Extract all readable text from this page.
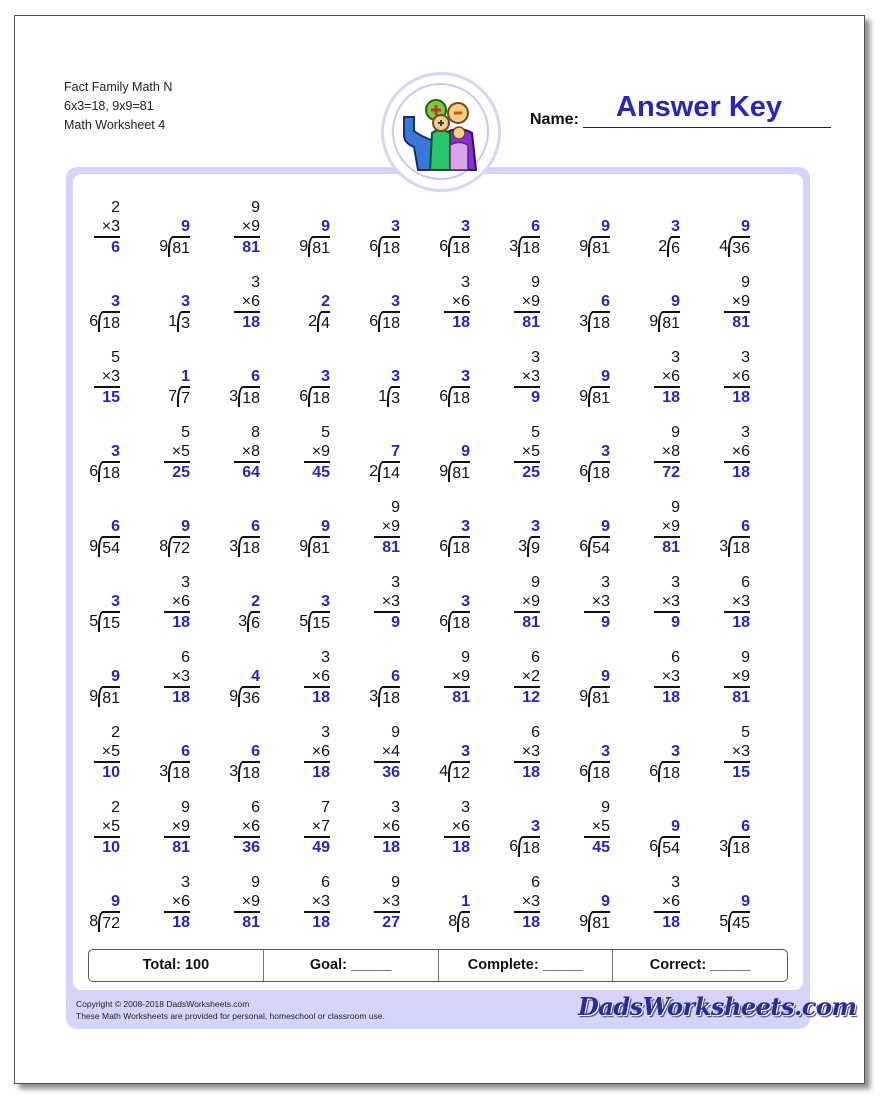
Fact Family Math N
6x3=18, 9x9=81
Math Worksheet 4	Name: Answer Key
2
×3
6
9
9 81
9
×9
81
9
9 81
3
6 18
3
6 18
6
3 18
9
9 81
3
2 6
9
4 36
3
6 18
3
1 3
3
×6
18
2
2 4
3
6 18
3
×6
18
9
×9
81
6
3 18
9
9 81
9
×9
81
5
×3
15
1
7 7
6
3 18
3
6 18
3
1 3
3
6 18
3
×3
9
9
9 81
3
×6
18
3
×6
18
3
6 18
5
×5
25
8
×8
64
5
×9
45
7
2 14
9
9 81
5
×5
25
3
6 18
9
×8
72
3
×6
18
6
9 54
9
8 72
6
3 18
9
9 81
9
×9
81
3
6 18
3
3 9
9
6 54
9
×9
81
6
3 18
3
5 15
3
×6
18
2
3 6
3
5 15
3
×3
9
3
6 18
9
×9
81
3
×3
9
3
×3
9
6
×3
18
9
9 81
6
×3
18
4
9 36
3
×6
18
6
3 18
9
×9
81
6
×2
12
9
9 81
6
×3
18
9
×9
81
2
×5
10
6
3 18
6
3 18
3
×6
18
9
×4
36
3
4 12
6
×3
18
3
6 18
3
6 18
5
×3
15
2
×5
10
9
×9
81
6
×6
36
7
×7
49
3
×6
18
3
×6
18
3
6 18
9
×5
45
9
6 54
6
3 18
9
8 72
3
×6
18
9
×9
81
6
×3
18
9
×3
27
1
8 8
6
×3
18
9
9 81
3
×6
18
9
5 45
Total: 100	Goal: _____	Complete: _____	Correct: _____
Copyright © 2008-2018 DadsWorksheets.com
These Math Worksheets are provided for personal, homeschool or classroom use.	DadsWorksheets.com
